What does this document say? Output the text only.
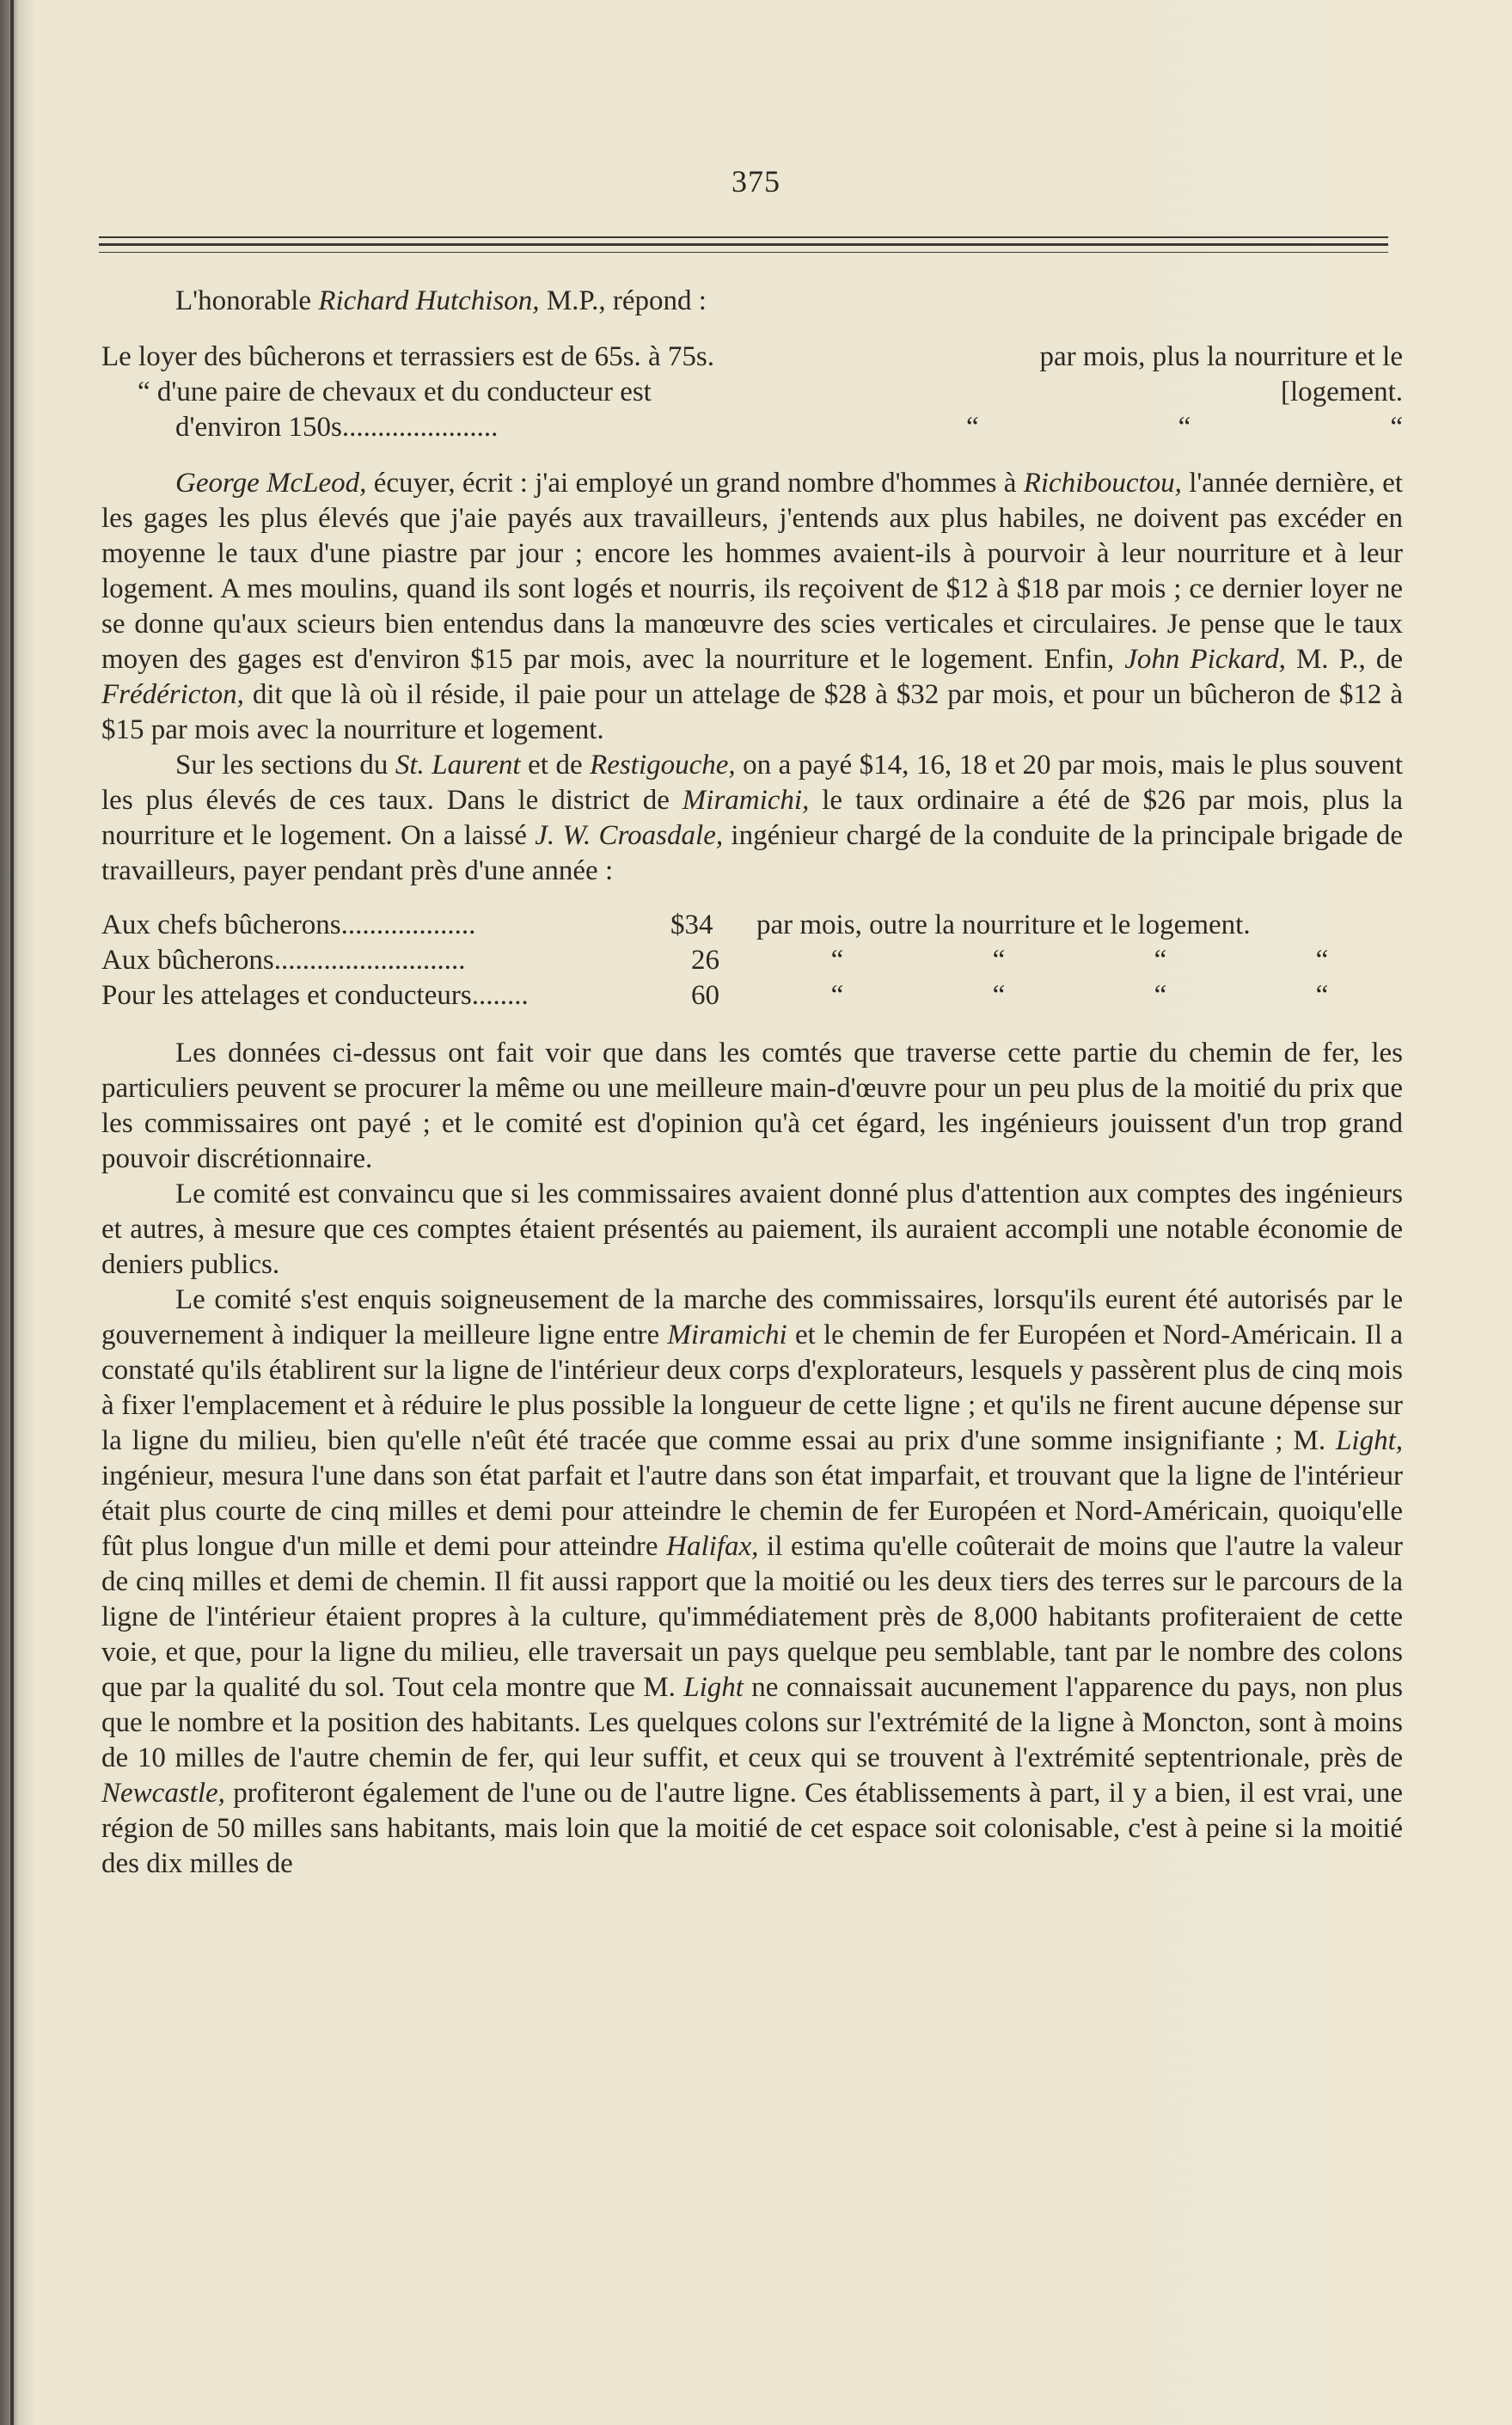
375
L'honorable Richard Hutchison, M.P., répond :
Le loyer des bûcherons et terrassiers est de 65s. à 75s.	par mois, plus la nourriture et le
“ d'une paire de chevaux et du conducteur est	[logement.
d'environ 150s......................	“	“	“

George McLeod, écuyer, écrit : j'ai employé un grand nombre d'hommes à Richibouctou, l'année dernière, et les gages les plus élevés que j'aie payés aux travailleurs, j'entends aux plus habiles, ne doivent pas excéder en moyenne le taux d'une piastre par jour ; encore les hommes avaient-ils à pourvoir à leur nourriture et à leur logement. A mes moulins, quand ils sont logés et nourris, ils reçoivent de $12 à $18 par mois ; ce dernier loyer ne se donne qu'aux scieurs bien entendus dans la manœuvre des scies verticales et circulaires. Je pense que le taux moyen des gages est d'environ $15 par mois, avec la nourriture et le logement. Enfin, John Pickard, M. P., de Frédéricton, dit que là où il réside, il paie pour un attelage de $28 à $32 par mois, et pour un bûcheron de $12 à $15 par mois avec la nourriture et logement.

Sur les sections du St. Laurent et de Restigouche, on a payé $14, 16, 18 et 20 par mois, mais le plus souvent les plus élevés de ces taux. Dans le district de Miramichi, le taux ordinaire a été de $26 par mois, plus la nourriture et le logement. On a laissé J. W. Croasdale, ingénieur chargé de la conduite de la principale brigade de travailleurs, payer pendant près d'une année :

Aux chefs bûcherons...................	$34	par mois, outre la nourriture et le logement.
Aux bûcherons...........................	26	“	“	“	“
Pour les attelages et conducteurs........	60	“	“	“	“

Les données ci-dessus ont fait voir que dans les comtés que traverse cette partie du chemin de fer, les particuliers peuvent se procurer la même ou une meilleure main-d'œuvre pour un peu plus de la moitié du prix que les commissaires ont payé ; et le comité est d'opinion qu'à cet égard, les ingénieurs jouissent d'un trop grand pouvoir discrétionnaire.

Le comité est convaincu que si les commissaires avaient donné plus d'attention aux comptes des ingénieurs et autres, à mesure que ces comptes étaient présentés au paiement, ils auraient accompli une notable économie de deniers publics.

Le comité s'est enquis soigneusement de la marche des commissaires, lorsqu'ils eurent été autorisés par le gouvernement à indiquer la meilleure ligne entre Miramichi et le chemin de fer Européen et Nord-Américain. Il a constaté qu'ils établirent sur la ligne de l'intérieur deux corps d'explorateurs, lesquels y passèrent plus de cinq mois à fixer l'emplacement et à réduire le plus possible la longueur de cette ligne ; et qu'ils ne firent aucune dépense sur la ligne du milieu, bien qu'elle n'eût été tracée que comme essai au prix d'une somme insignifiante ; M. Light, ingénieur, mesura l'une dans son état parfait et l'autre dans son état imparfait, et trouvant que la ligne de l'intérieur était plus courte de cinq milles et demi pour atteindre le chemin de fer Européen et Nord-Américain, quoiqu'elle fût plus longue d'un mille et demi pour atteindre Halifax, il estima qu'elle coûterait de moins que l'autre la valeur de cinq milles et demi de chemin. Il fit aussi rapport que la moitié ou les deux tiers des terres sur le parcours de la ligne de l'intérieur étaient propres à la culture, qu'immédiatement près de 8,000 habitants profiteraient de cette voie, et que, pour la ligne du milieu, elle traversait un pays quelque peu semblable, tant par le nombre des colons que par la qualité du sol. Tout cela montre que M. Light ne connaissait aucunement l'apparence du pays, non plus que le nombre et la position des habitants. Les quelques colons sur l'extrémité de la ligne à Moncton, sont à moins de 10 milles de l'autre chemin de fer, qui leur suffit, et ceux qui se trouvent à l'extrémité septentrionale, près de Newcastle, profiteront également de l'une ou de l'autre ligne. Ces établissements à part, il y a bien, il est vrai, une région de 50 milles sans habitants, mais loin que la moitié de cet espace soit colonisable, c'est à peine si la moitié des dix milles de
